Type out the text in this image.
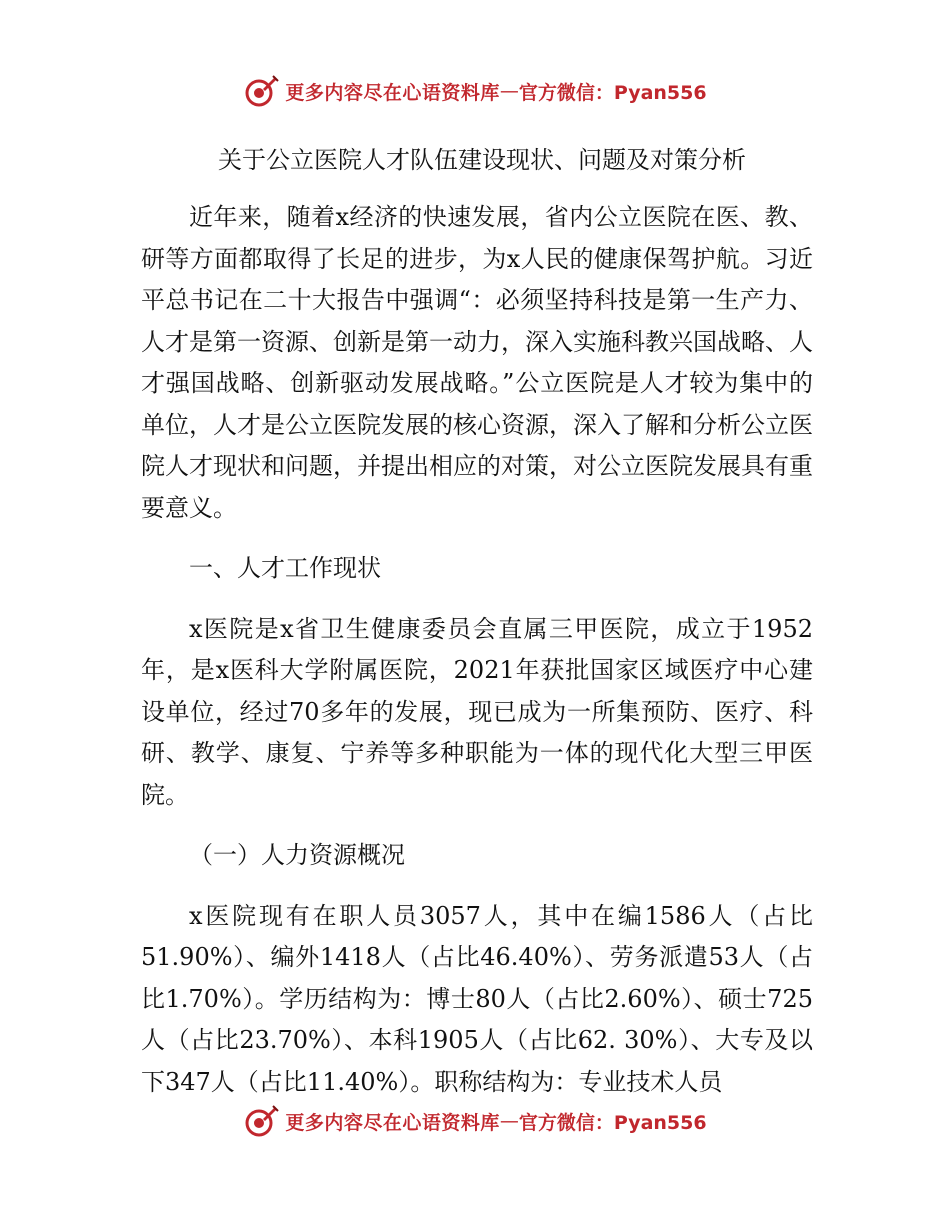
更多内容尽在心语资料库 — 官方微信：Pyan556
关于公立医院人才队伍建设现状、问题及对策分析

近年来，随着x经济的快速发展，省内公立医院在医、教、研等方面都取得了长足的进步，为x人民的健康保驾护航。习近平总书记在二十大报告中强调“：必须坚持科技是第一生产力、人才是第一资源、创新是第一动力，深入实施科教兴国战略、人才强国战略、创新驱动发展战略。”公立医院是人才较为集中的单位，人才是公立医院发展的核心资源，深入了解和分析公立医院人才现状和问题，并提出相应的对策，对公立医院发展具有重要意义。

一、人才工作现状

x医院是x省卫生健康委员会直属三甲医院，成立于1952年，是x医科大学附属医院，2021年获批国家区域医疗中心建设单位，经过70多年的发展，现已成为一所集预防、医疗、科研、教学、康复、宁养等多种职能为一体的现代化大型三甲医院。

（一）人力资源概况

x医院现有在职人员3057人，其中在编1586人（占比51.90%）、编外1418人（占比46.40%）、劳务派遣53人（占比1.70%）。学历结构为：博士80人（占比2.60%）、硕士725人（占比23.70%）、本科1905人（占比62. 30%）、大专及以下347人（占比11.40%）。职称结构为：专业技术人员

更多内容尽在心语资料库 — 官方微信：Pyan556
